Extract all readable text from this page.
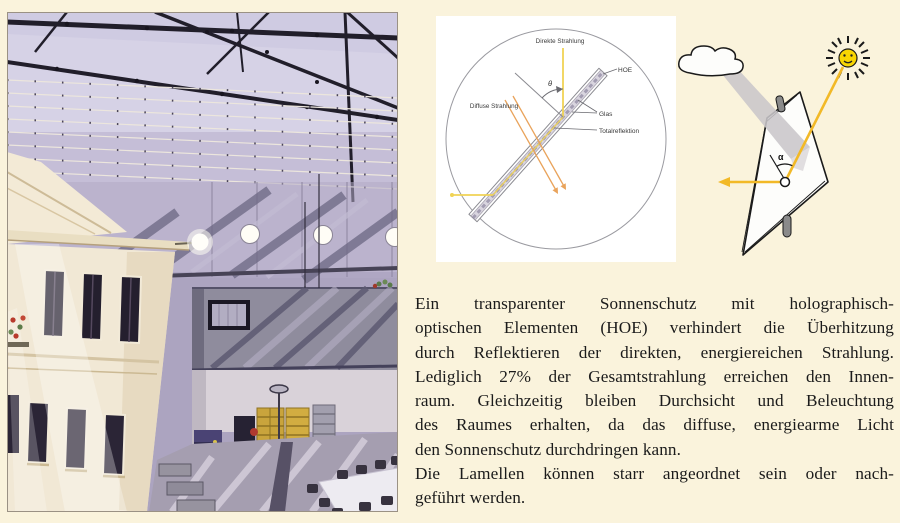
θ
Direkte Strahlung
HOE
Glas
Totalreflektion
Diffuse Strahlung
α
Ein transparenter Sonnenschutz mit holographisch-
optischen Elementen (HOE) verhindert die Überhitzung
durch Reflektieren der direkten, energiereichen Strahlung.
Lediglich 27% der Gesamtstrahlung erreichen den Innen-
raum. Gleichzeitig bleiben Durchsicht und Beleuchtung
des Raumes erhalten, da das diffuse, energiearme Licht
den Sonnenschutz durchdringen kann.
Die Lamellen können starr angeordnet sein oder nach-
geführt werden.
